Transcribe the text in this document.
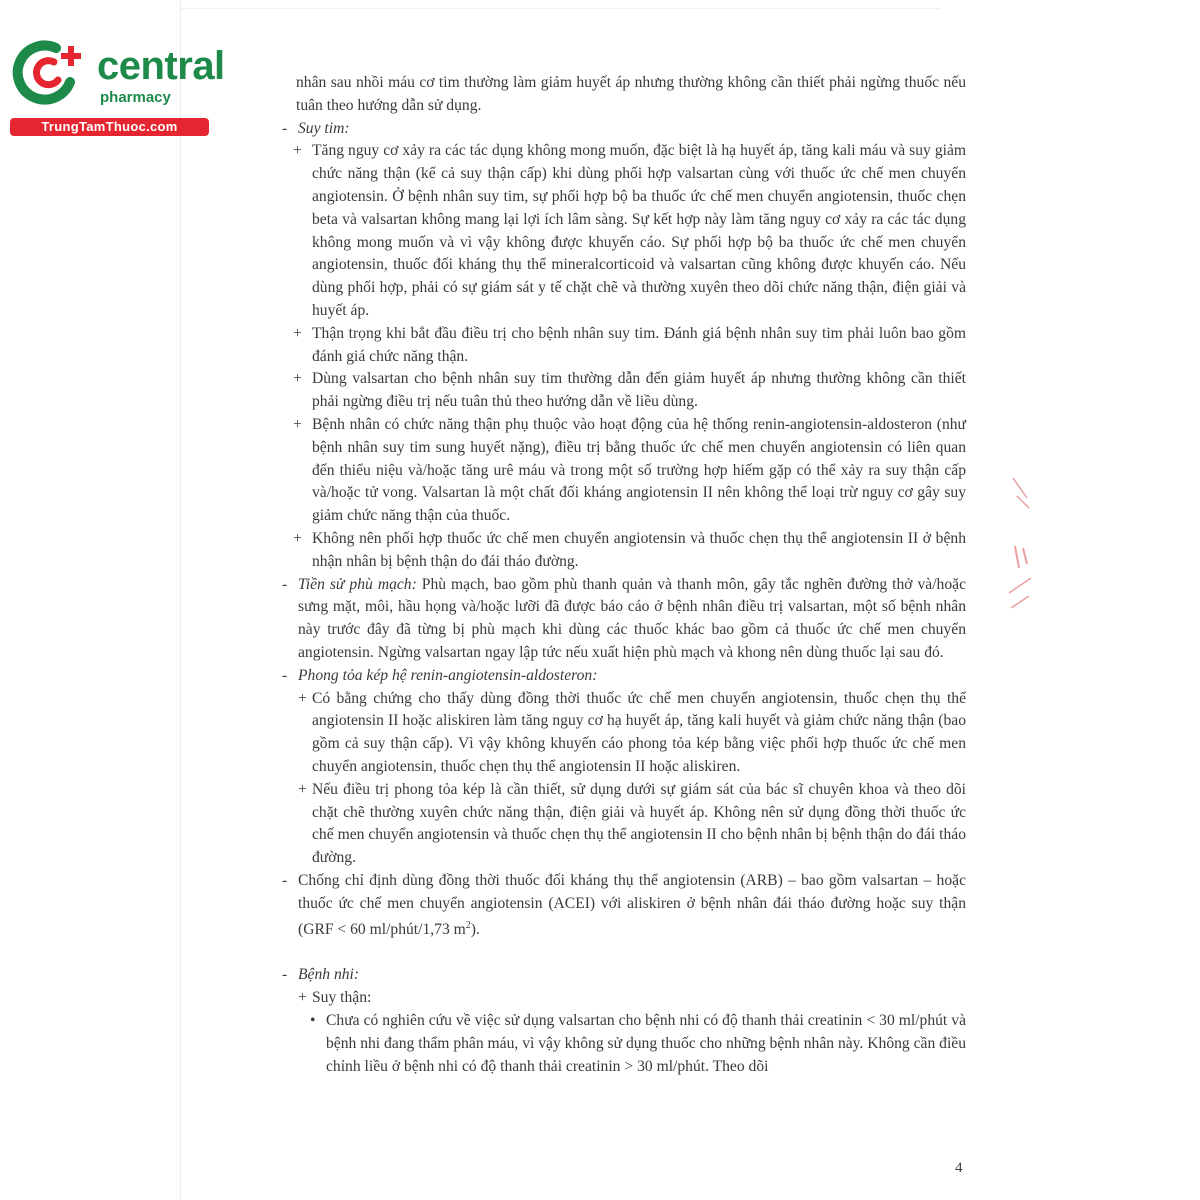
central
pharmacy
TrungTamThuoc.com

nhân sau nhồi máu cơ tim thường làm giảm huyết áp nhưng thường không cần thiết phải ngừng thuốc nếu tuân theo hướng dẫn sử dụng.

- Suy tim:
+ Tăng nguy cơ xảy ra các tác dụng không mong muốn, đặc biệt là hạ huyết áp, tăng kali máu và suy giảm chức năng thận (kể cả suy thận cấp) khi dùng phối hợp valsartan cùng với thuốc ức chế men chuyển angiotensin. Ở bệnh nhân suy tim, sự phối hợp bộ ba thuốc ức chế men chuyển angiotensin, thuốc chẹn beta và valsartan không mang lại lợi ích lâm sàng. Sự kết hợp này làm tăng nguy cơ xảy ra các tác dụng không mong muốn và vì vậy không được khuyến cáo. Sự phối hợp bộ ba thuốc ức chế men chuyển angiotensin, thuốc đối kháng thụ thể mineralcorticoid và valsartan cũng không được khuyến cáo. Nếu dùng phối hợp, phải có sự giám sát y tế chặt chẽ và thường xuyên theo dõi chức năng thận, điện giải và huyết áp.
+ Thận trọng khi bắt đầu điều trị cho bệnh nhân suy tim. Đánh giá bệnh nhân suy tim phải luôn bao gồm đánh giá chức năng thận.
+ Dùng valsartan cho bệnh nhân suy tim thường dẫn đến giảm huyết áp nhưng thường không cần thiết phải ngừng điều trị nếu tuân thủ theo hướng dẫn về liều dùng.
+ Bệnh nhân có chức năng thận phụ thuộc vào hoạt động của hệ thống renin-angiotensin-aldosteron (như bệnh nhân suy tim sung huyết nặng), điều trị bằng thuốc ức chế men chuyển angiotensin có liên quan đến thiểu niệu và/hoặc tăng urê máu và trong một số trường hợp hiếm gặp có thể xảy ra suy thận cấp và/hoặc tử vong. Valsartan là một chất đối kháng angiotensin II nên không thể loại trừ nguy cơ gây suy giảm chức năng thận của thuốc.
+ Không nên phối hợp thuốc ức chế men chuyển angiotensin và thuốc chẹn thụ thể angiotensin II ở bệnh nhận nhân bị bệnh thận do đái tháo đường.
- Tiền sử phù mạch: Phù mạch, bao gồm phù thanh quản và thanh môn, gây tắc nghẽn đường thở và/hoặc sưng mặt, môi, hầu họng và/hoặc lưỡi đã được báo cáo ở bệnh nhân điều trị valsartan, một số bệnh nhân này trước đây đã từng bị phù mạch khi dùng các thuốc khác bao gồm cả thuốc ức chế men chuyển angiotensin. Ngừng valsartan ngay lập tức nếu xuất hiện phù mạch và khong nên dùng thuốc lại sau đó.
- Phong tỏa kép hệ renin-angiotensin-aldosteron:
+ Có bằng chứng cho thấy dùng đồng thời thuốc ức chế men chuyển angiotensin, thuốc chẹn thụ thể angiotensin II hoặc aliskiren làm tăng nguy cơ hạ huyết áp, tăng kali huyết và giảm chức năng thận (bao gồm cả suy thận cấp). Vì vậy không khuyến cáo phong tỏa kép bằng việc phối hợp thuốc ức chế men chuyển angiotensin, thuốc chẹn thụ thể angiotensin II hoặc aliskiren.
+ Nếu điều trị phong tỏa kép là cần thiết, sử dụng dưới sự giám sát của bác sĩ chuyên khoa và theo dõi chặt chẽ thường xuyên chức năng thận, điện giải và huyết áp. Không nên sử dụng đồng thời thuốc ức chế men chuyển angiotensin và thuốc chẹn thụ thể angiotensin II cho bệnh nhân bị bệnh thận do đái tháo đường.
- Chống chỉ định dùng đồng thời thuốc đối kháng thụ thể angiotensin (ARB) – bao gồm valsartan – hoặc thuốc ức chế men chuyển angiotensin (ACEI) với aliskiren ở bệnh nhân đái tháo đường hoặc suy thận (GRF < 60 ml/phút/1,73 $m^2$).
- Bệnh nhi:
+ Suy thận:
• Chưa có nghiên cứu về việc sử dụng valsartan cho bệnh nhi có độ thanh thải creatinin < 30 ml/phút và bệnh nhi đang thẩm phân máu, vì vậy không sử dụng thuốc cho những bệnh nhân này. Không cần điều chỉnh liều ở bệnh nhi có độ thanh thải creatinin > 30 ml/phút. Theo dõi
4
